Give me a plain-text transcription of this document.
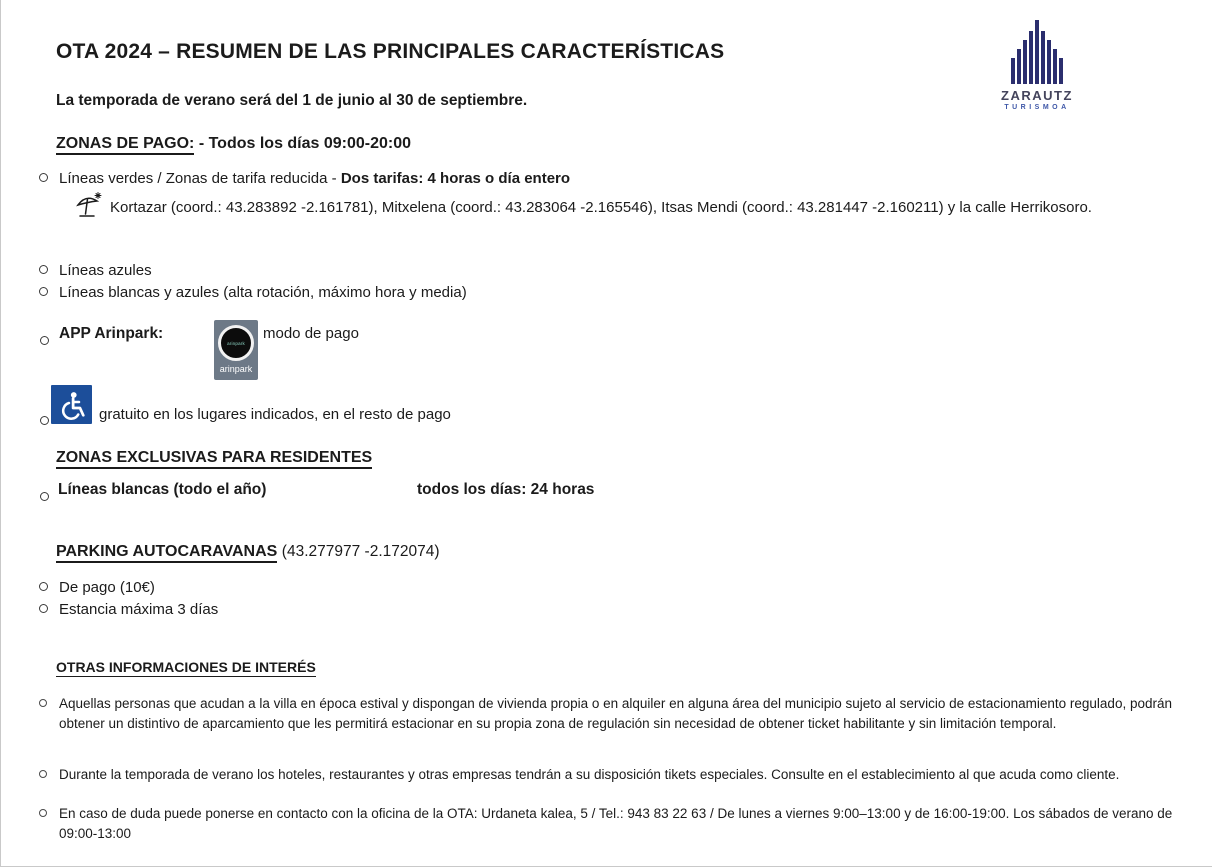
OTA 2024 – RESUMEN DE LAS PRINCIPALES CARACTERÍSTICAS
ZARAUTZ
TURISMOA
La temporada de verano será del 1 de junio al 30 de septiembre.
ZONAS DE PAGO: - Todos los días 09:00-20:00
Líneas verdes / Zonas de tarifa reducida - Dos tarifas: 4 horas o día entero
Kortazar (coord.: 43.283892 -2.161781), Mitxelena (coord.: 43.283064 -2.165546), Itsas Mendi (coord.: 43.281447 -2.160211) y la calle Herrikosoro.
Líneas azules
Líneas blancas y azules (alta rotación, máximo hora y media)
APP Arinpark:
arinpark
arinpark
modo de pago
gratuito en los lugares indicados, en el resto de pago
ZONAS EXCLUSIVAS PARA RESIDENTES
Líneas blancas (todo el año)	todos los días: 24 horas
PARKING AUTOCARAVANAS (43.277977 -2.172074)
De pago (10€)
Estancia máxima 3 días
OTRAS INFORMACIONES DE INTERÉS
Aquellas personas que acudan a la villa en época estival y dispongan de vivienda propia o en alquiler en alguna área del municipio sujeto al servicio de estacionamiento regulado, podrán obtener un distintivo de aparcamiento que les permitirá estacionar en su propia zona de regulación sin necesidad de obtener ticket habilitante y sin limitación temporal.
Durante la temporada de verano los hoteles, restaurantes y otras empresas tendrán a su disposición tikets especiales. Consulte en el establecimiento al que acuda como cliente.
En caso de duda puede ponerse en contacto con la oficina de la OTA: Urdaneta kalea, 5 / Tel.: 943 83 22 63 / De lunes a viernes 9:00–13:00 y de 16:00-19:00. Los sábados de verano de 09:00-13:00
